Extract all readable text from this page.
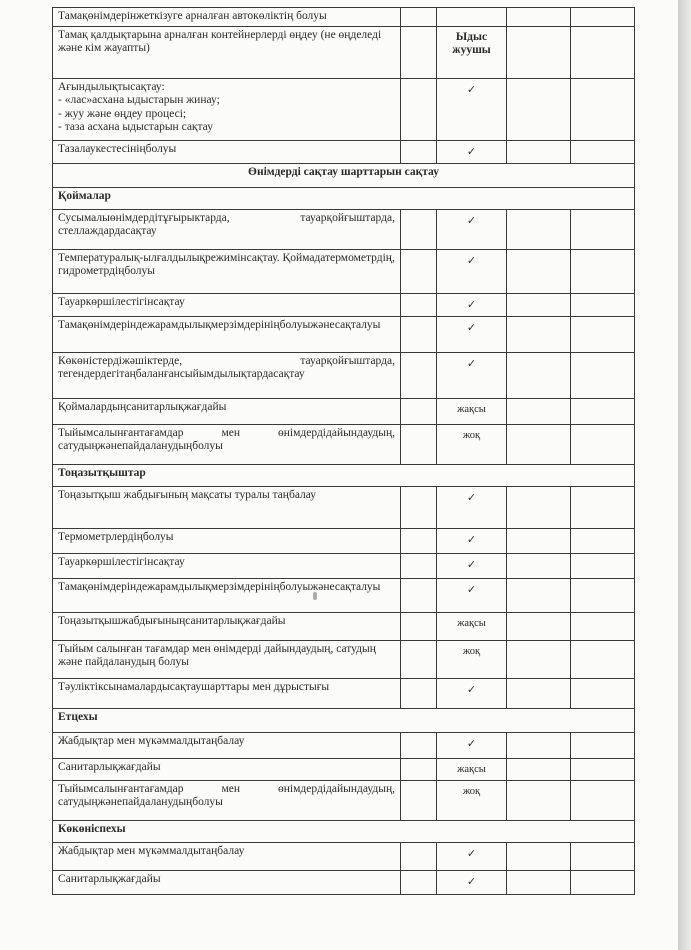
Тамақөнімдерінжеткізуге арналған автокөліктің болуы				
Тамақ қалдықтарына арналған контейнерлерді өңдеу (не өңделеді және кім жауапты)		Ыдыс жуушы		

Ағындылықтысақтау:
- «лас»асхана ыдыстарын жинау;
- жуу және өңдеу процесі;
- таза асхана ыдыстарын сақтау		✓		
Тазалаукестесініңболуы		✓		
Өнімдерді сақтау шарттарын сақтау				
Қоймалар				
Сусымалыөнімдердітұғырыктарда, тауарқойғыштарда, стеллаждардасақтау		✓		
Температуралық-ылғалдылықрежимінсақтау. Қоймадатермометрдің, гидрометрдіңболуы		✓		
Тауаркөршілестігінсақтау		✓		
Тамақөнімдеріндежарамдылықмерзімдерініңболуыжәнесақталуы		✓		
Көкөністердіжәшіктерде, тауарқойғыштарда, тегендердегітаңбаланғансыйымдылықтардасақтау		✓		
Қоймалардыңсанитарлықжағдайы		жақсы		
Тыйымсалынғантағамдар мен өнімдердідайындаудың, сатудыңжәнепайдаланудыңболуы		жоқ		
Тоңазытқыштар				
Тоңазытқыш жабдығының мақсаты туралы таңбалау		✓		
Термометрлердіңболуы		✓		
Тауаркөршілестігінсақтау		✓		
Тамақөнімдеріндежарамдылықмерзімдерініңболуыжәнесақталуы		✓		
Тоңазытқышжабдығыныңсанитарлықжағдайы		жақсы		
Тыйым салынған тағамдар мен өнімдерді дайындаудың, сатудың және пайдаланудың болуы		жоқ		
Тәуліктіксынамалардысақтаушарттары мен дұрыстығы		✓		
Етцехы				
Жабдықтар мен мүкәммалдытаңбалау		✓		
Санитарлықжағдайы		жақсы		
Тыйымсалынғантағамдар мен өнімдердідайындаудың, сатудыңжәнепайдаланудыңболуы		жоқ		
Көкөніспехы				
Жабдықтар мен мүкәммалдытаңбалау		✓		
Санитарлықжағдайы		✓		
